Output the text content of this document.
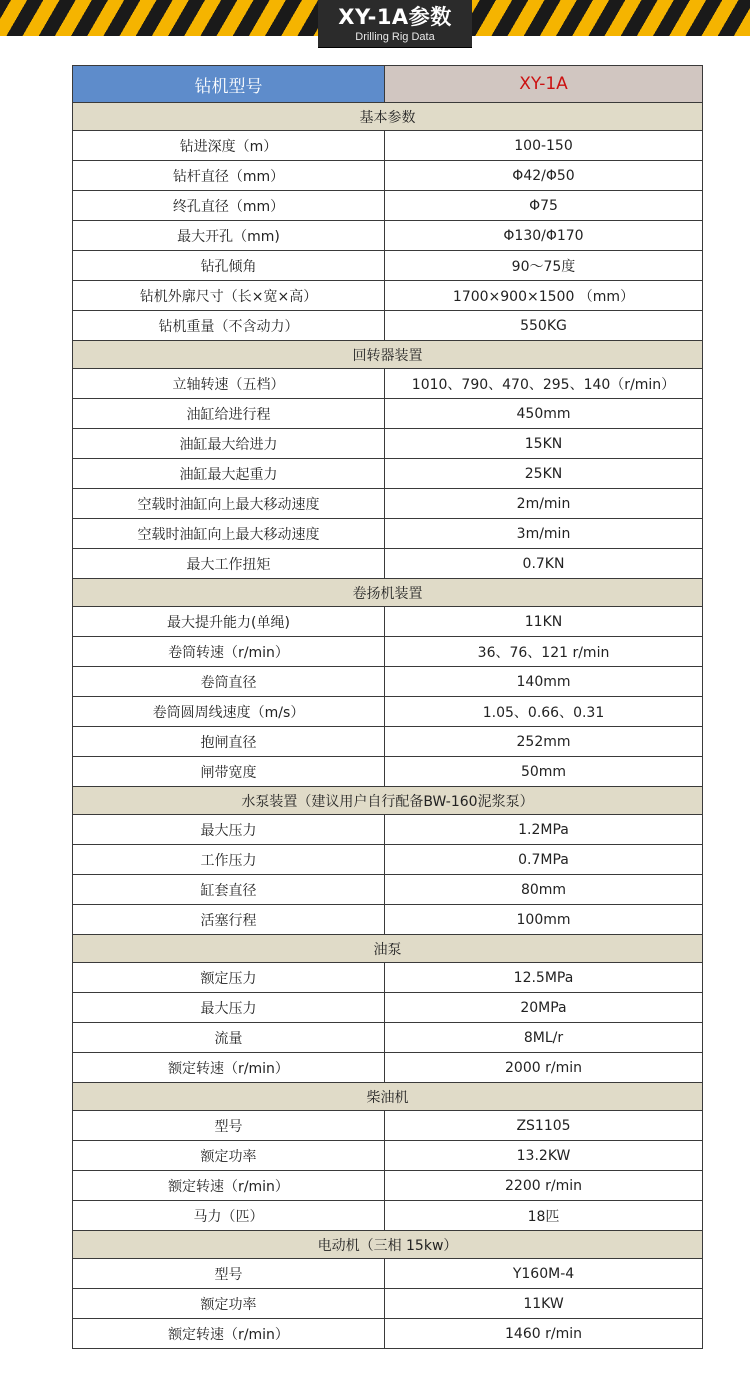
XY-1A参数
Drilling Rig Data
钻机型号	XY-1A
基本参数	
钻进深度（m）	100-150
钻杆直径（mm）	Φ42/Φ50
终孔直径（mm）	Φ75
最大开孔（mm)	Φ130/Φ170
钻孔倾角	90～75度
钻机外廓尺寸（长×宽×高）	1700×900×1500 （mm）
钻机重量（不含动力）	550KG
回转器装置	
立轴转速（五档）	1010、790、470、295、140（r/min）
油缸给进行程	450mm
油缸最大给进力	15KN
油缸最大起重力	25KN
空载时油缸向上最大移动速度	2m/min
空载时油缸向上最大移动速度	3m/min
最大工作扭矩	0.7KN
卷扬机装置	
最大提升能力(单绳)	11KN
卷筒转速（r/min）	36、76、121 r/min
卷筒直径	140mm
卷筒圆周线速度（m/s）	1.05、0.66、0.31
抱闸直径	252mm
闸带宽度	50mm
水泵装置（建议用户自行配备BW-160泥浆泵）	
最大压力	1.2MPa
工作压力	0.7MPa
缸套直径	80mm
活塞行程	100mm
油泵	
额定压力	12.5MPa
最大压力	20MPa
流量	8ML/r
额定转速（r/min）	2000 r/min
柴油机	
型号	ZS1105
额定功率	13.2KW
额定转速（r/min）	2200 r/min
马力（匹）	18匹
电动机（三相 15kw）	
型号	Y160M-4
额定功率	11KW
额定转速（r/min）	1460 r/min
